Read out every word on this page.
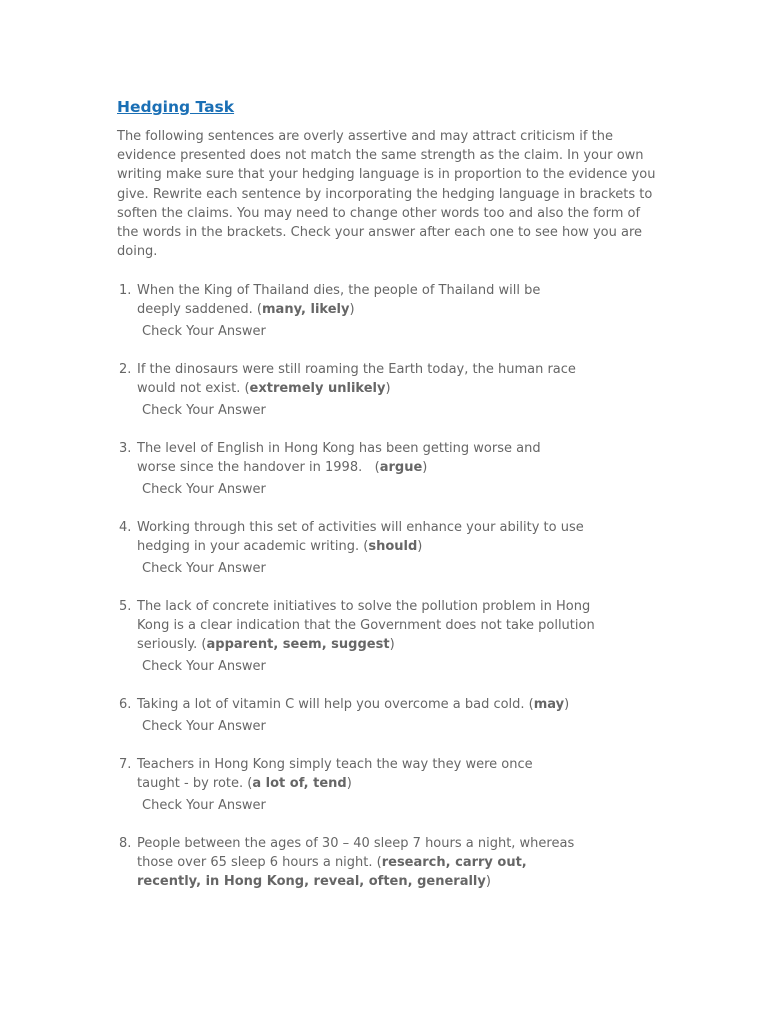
Hedging Task

The following sentences are overly assertive and may attract criticism if the evidence presented does not match the same strength as the claim. In your own writing make sure that your hedging language is in proportion to the evidence you give. Rewrite each sentence by incorporating the hedging language in brackets to soften the claims. You may need to change other words too and also the form of the words in the brackets. Check your answer after each one to see how you are doing.

1. When the King of Thailand dies, the people of Thailand will be deeply saddened. (many, likely)
Check Your Answer
2. If the dinosaurs were still roaming the Earth today, the human race would not exist. (extremely unlikely)
Check Your Answer
3. The level of English in Hong Kong has been getting worse and worse since the handover in 1998.   (argue)
Check Your Answer
4. Working through this set of activities will enhance your ability to use hedging in your academic writing. (should)
Check Your Answer
5. The lack of concrete initiatives to solve the pollution problem in Hong Kong is a clear indication that the Government does not take pollution seriously. (apparent, seem, suggest)
Check Your Answer
6. Taking a lot of vitamin C will help you overcome a bad cold. (may)
Check Your Answer
7. Teachers in Hong Kong simply teach the way they were once taught - by rote. (a lot of, tend)
Check Your Answer
8. People between the ages of 30 – 40 sleep 7 hours a night, whereas those over 65 sleep 6 hours a night. (research, carry out, recently, in Hong Kong, reveal, often, generally)
